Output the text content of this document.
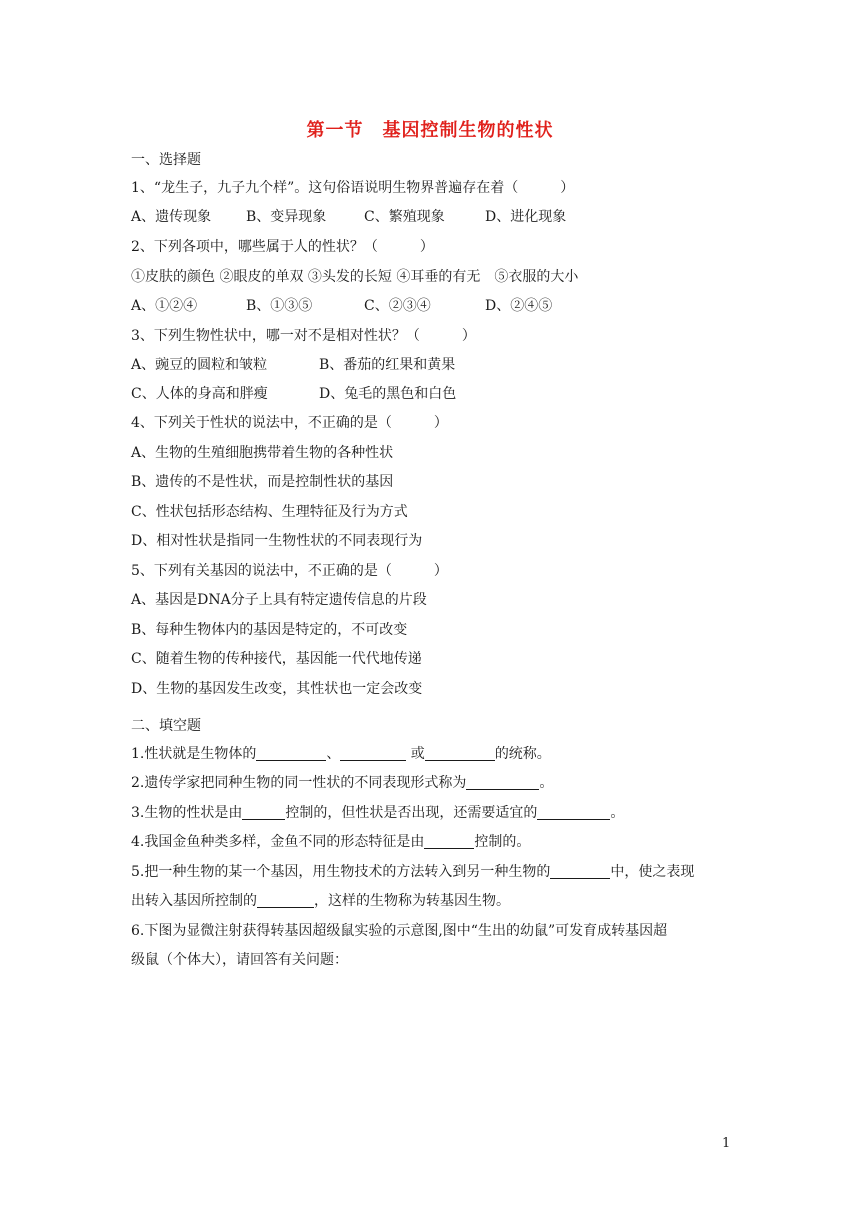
第一节　基因控制生物的性状
一、选择题
1、“龙生子，九子九个样”。这句俗语说明生物界普遍存在着（　　　）

A、遗传现象

B、变异现象

	C、繁殖现象

	D、进化现象

2、下列各项中，哪些属于人的性状？（　　　）
①皮肤的颜色 ②眼皮的单双 ③头发的长短 ④耳垂的有无　⑤衣服的大小

A、①②④

	B、①③⑤

	C、②③④

	D、②④⑤

3、下列生物性状中，哪一对不是相对性状？（　　　）

A、豌豆的圆粒和皱粒

	B、番茄的红果和黄果

C、人体的身高和胖瘦

	D、兔毛的黑色和白色

4、下列关于性状的说法中，不正确的是（　　　）
A、生物的生殖细胞携带着生物的各种性状
B、遗传的不是性状，而是控制性状的基因
C、性状包括形态结构、生理特征及行为方式
D、相对性状是指同一生物性状的不同表现行为
5、下列有关基因的说法中，不正确的是（　　　）
A、基因是DNA分子上具有特定遗传信息的片段
B、每种生物体内的基因是特定的，不可改变
C、随着生物的传种接代，基因能一代代地传递
D、生物的基因发生改变，其性状也一定会改变
二、填空题
1.性状就是生物体的	、	或	的统称。
2.遗传学家把同种生物的同一性状的不同表现形式称为	。
3.生物的性状是由	控制的，但性状是否出现，还需要适宜的	。
4.我国金鱼种类多样，金鱼不同的形态特征是由	控制的。
5.把一种生物的某一个基因，用生物技术的方法转入到另一种生物的	中，使之表现
出转入基因所控制的	，这样的生物称为转基因生物。
6.下图为显微注射获得转基因超级鼠实验的示意图,图中“生出的幼鼠”可发育成转基因超
级鼠（个体大），请回答有关问题：
1
